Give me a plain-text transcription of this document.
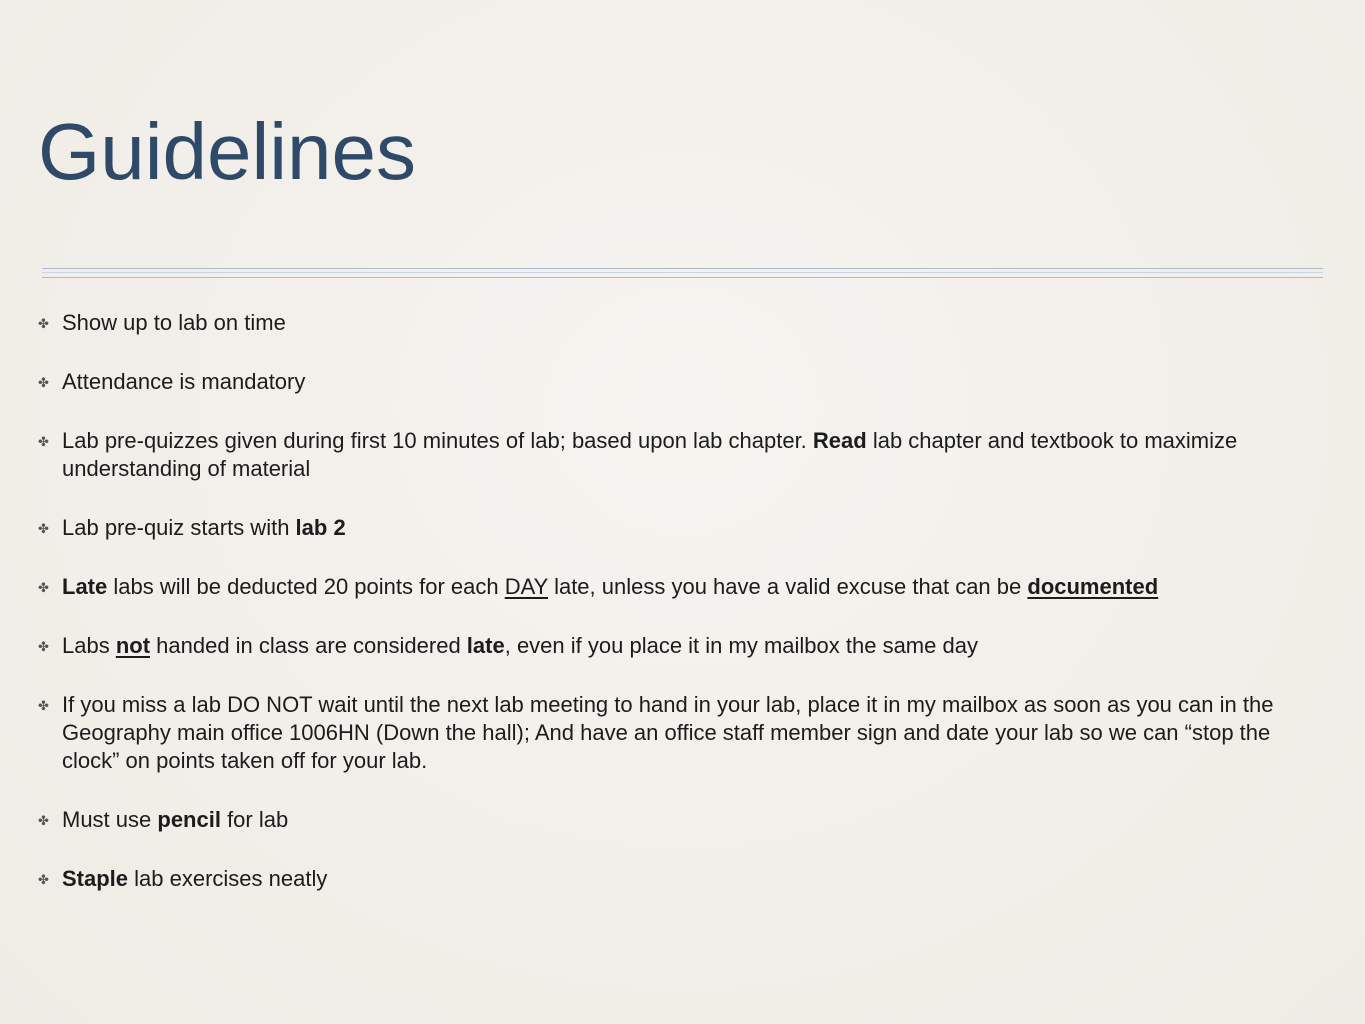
Guidelines
✤ Show up to lab on time
✤ Attendance is mandatory
✤ Lab pre-quizzes given during first 10 minutes of lab; based upon lab chapter. Read lab chapter and textbook to maximize understanding of material
✤ Lab pre-quiz starts with lab 2
✤ Late labs will be deducted 20 points for each DAY late, unless you have a valid excuse that can be documented
✤ Labs not handed in class are considered late, even if you place it in my mailbox the same day
✤ If you miss a lab DO NOT wait until the next lab meeting to hand in your lab, place it in my mailbox as soon as you can in the Geography main office 1006HN (Down the hall); And have an office staff member sign and date your lab so we can “stop the clock” on points taken off for your lab.
✤ Must use pencil for lab
✤ Staple lab exercises neatly
